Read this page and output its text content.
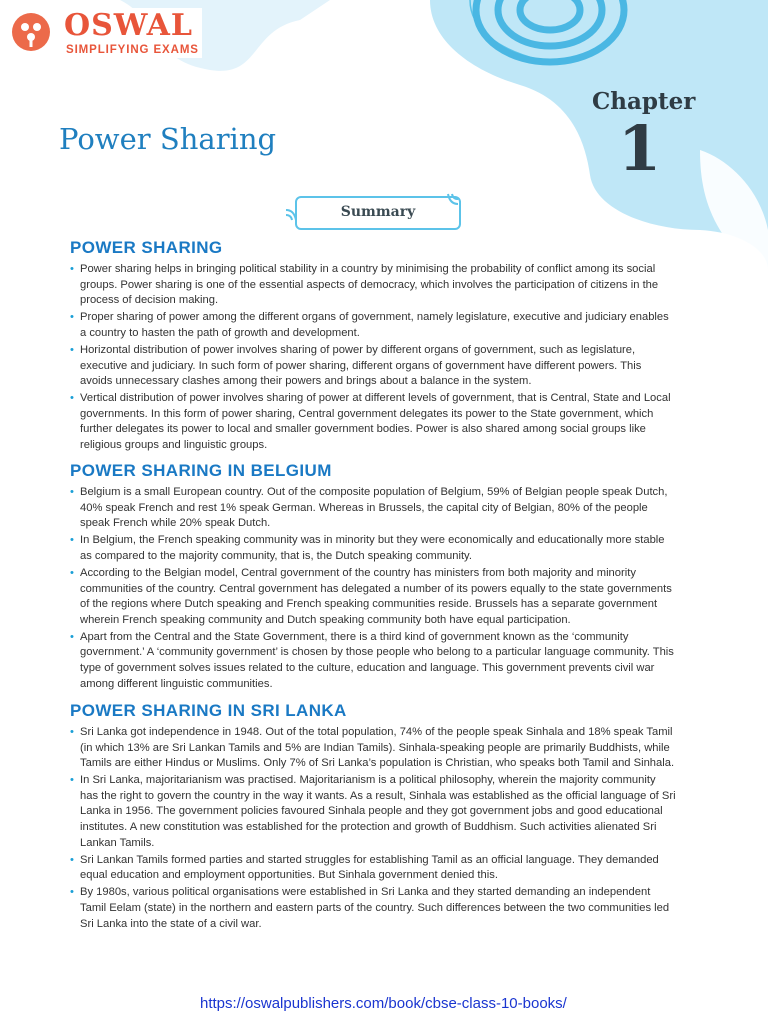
OSWAL
SIMPLIFYING EXAMS
Chapter
1
Power Sharing
Summary
POWER SHARING

• Power sharing helps in bringing political stability in a country by minimising the probability of conflict among its social groups. Power sharing is one of the essential aspects of democracy, which involves the participation of citizens in the process of decision making.

• Proper sharing of power among the different organs of government, namely legislature, executive and judiciary enables a country to hasten the path of growth and development.

• Horizontal distribution of power involves sharing of power by different organs of government, such as legislature, executive and judiciary. In such form of power sharing, different organs of government have different powers. This avoids unnecessary clashes among their powers and brings about a balance in the system.

• Vertical distribution of power involves sharing of power at different levels of government, that is Central, State and Local governments. In this form of power sharing, Central government delegates its power to the State government, which further delegates its power to local and smaller government bodies. Power is also shared among social groups like religious groups and linguistic groups.

POWER SHARING IN BELGIUM

• Belgium is a small European country. Out of the composite population of Belgium, 59% of Belgian people speak Dutch, 40% speak French and rest 1% speak German. Whereas in Brussels, the capital city of Belgian, 80% of the people speak French while 20% speak Dutch.

• In Belgium, the French speaking community was in minority but they were economically and educationally more stable as compared to the majority community, that is, the Dutch speaking community.

• According to the Belgian model, Central government of the country has ministers from both majority and minority communities of the country. Central government has delegated a number of its powers equally to the state governments of the regions where Dutch speaking and French speaking communities reside. Brussels has a separate government wherein French speaking community and Dutch speaking community both have equal participation.

• Apart from the Central and the State Government, there is a third kind of government known as the ‘community government.’ A ‘community government’ is chosen by those people who belong to a particular language community. This type of government solves issues related to the culture, education and language. This government prevents civil war among different linguistic communities.

POWER SHARING IN SRI LANKA

• Sri Lanka got independence in 1948. Out of the total population, 74% of the people speak Sinhala and 18% speak Tamil (in which 13% are Sri Lankan Tamils and 5% are Indian Tamils). Sinhala-speaking people are primarily Buddhists, while Tamils are either Hindus or Muslims. Only 7% of Sri Lanka’s population is Christian, who speaks both Tamil and Sinhala.

• In Sri Lanka, majoritarianism was practised. Majoritarianism is a political philosophy, wherein the majority community has the right to govern the country in the way it wants. As a result, Sinhala was established as the official language of Sri Lanka in 1956. The government policies favoured Sinhala people and they got government jobs and good educational institutes. A new constitution was established for the protection and growth of Buddhism. Such activities alienated Sri Lankan Tamils.

• Sri Lankan Tamils formed parties and started struggles for establishing Tamil as an official language. They demanded equal education and employment opportunities. But Sinhala government denied this.

• By 1980s, various political organisations were established in Sri Lanka and they started demanding an independent Tamil Eelam (state) in the northern and eastern parts of the country. Such differences between the two communities led Sri Lanka into the state of a civil war.

https://oswalpublishers.com/book/cbse-class-10-books/
